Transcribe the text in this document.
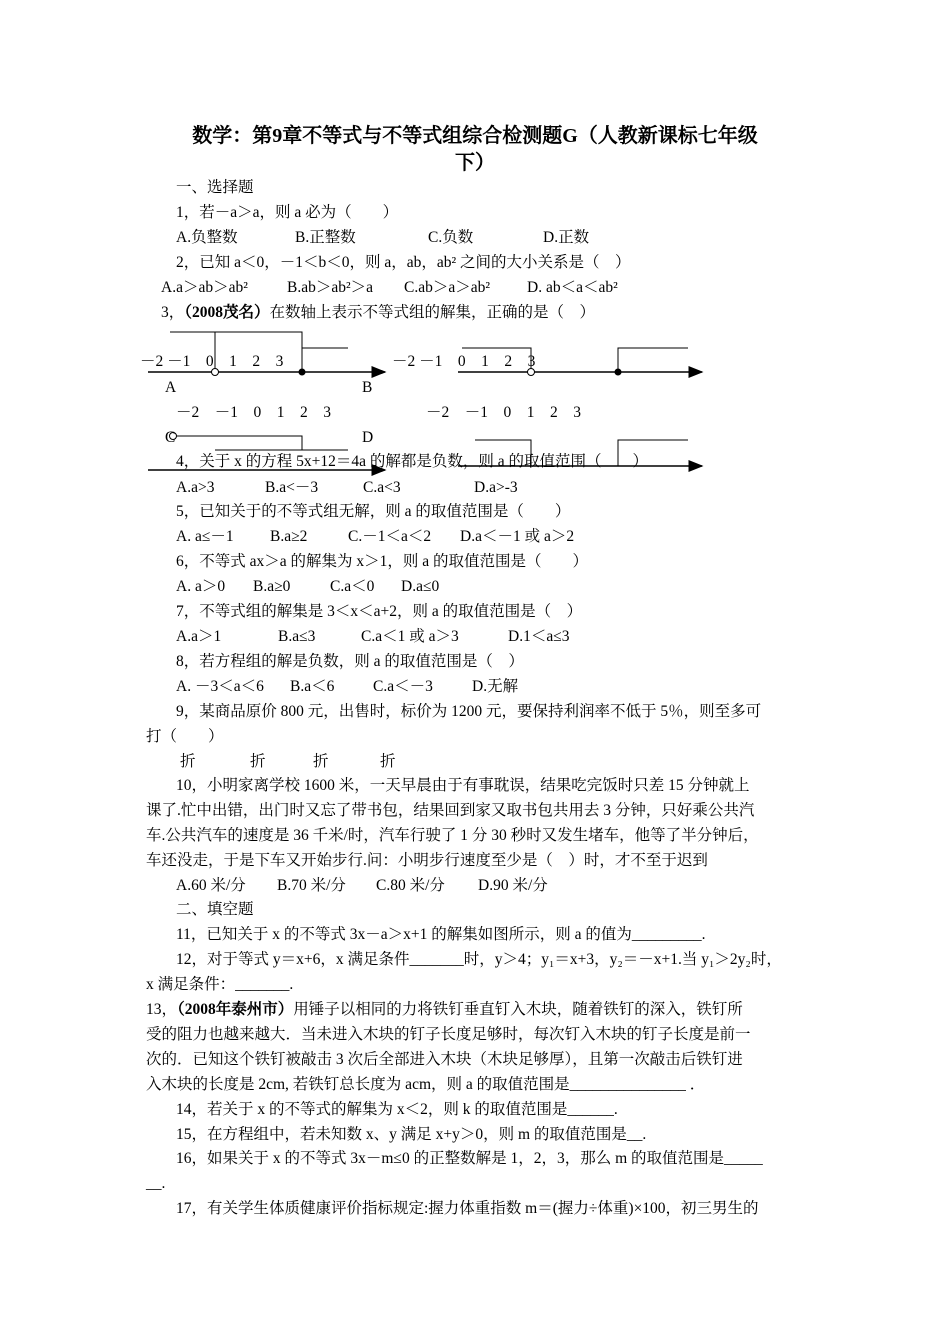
数学：第9章不等式与不等式组综合检测题G（人教新课标七年级
下）
一、选择题
1，若－a＞a，则 a 必为（　　）
A.负整数	B.正整数	C.负数	D.正数
2，已知 a＜0，－1＜b＜0，则 a，ab，ab² 之间的大小关系是（　）
A.a＞ab＞ab²	B.ab＞ab²＞a C.ab＞a＞ab² D. ab＜a＜ab²
3，（2008茂名）在数轴上表示不等式组的解集，正确的是（　）
－2 －1　0　1　2　3	－2 －1　0　1　2　3
A	B
－2　－1　0　1　2　3	－2　－1　0　1　2　3
C	D
4，关于 x 的方程 5x+12＝4a 的解都是负数，则 a 的取值范围（　　）
A.a>3	B.a<－3	C.a<3	D.a>-3
5，已知关于的不等式组无解，则 a 的取值范围是（　　）
A. a≤－1 B.a≥2	C.－1＜a＜2 D.a＜－1 或 a＞2
6，不等式 ax＞a 的解集为 x＞1，则 a 的取值范围是（　　）
A. a＞0 B.a≥0	C.a＜0 D.a≤0
7，不等式组的解集是 3＜x＜a+2，则 a 的取值范围是（　）
A.a＞1	B.a≤3	C.a＜1 或 a＞3	D.1＜a≤3
8，若方程组的解是负数，则 a 的取值范围是（　）
A. －3＜a＜6 B.a＜6 C.a＜－3	D.无解
9，某商品原价 800 元，出售时，标价为 1200 元，要保持利润率不低于 5％，则至多可
打（　　）
折	折	折	折
10，小明家离学校 1600 米，一天早晨由于有事耽误，结果吃完饭时只差 15 分钟就上
课了.忙中出错，出门时又忘了带书包，结果回到家又取书包共用去 3 分钟，只好乘公共汽
车.公共汽车的速度是 36 千米/时，汽车行驶了 1 分 30 秒时又发生堵车，他等了半分钟后，
车还没走，于是下车又开始步行.问：小明步行速度至少是（　）时，才不至于迟到
A.60 米/分 B.70 米/分 C.80 米/分 D.90 米/分
二、填空题
11，已知关于 x 的不等式 3x－a＞x+1 的解集如图所示，则 a 的值为_________.
12，对于等式 y＝x+6，x 满足条件_______时，y＞4；y₁＝x+3，y₂＝－x+1.当 y₁＞2y₂时，
x 满足条件：_______.
13，（2008年泰州市）用锤子以相同的力将铁钉垂直钉入木块，随着铁钉的深入，铁钉所
受的阻力也越来越大．当未进入木块的钉子长度足够时，每次钉入木块的钉子长度是前一
次的．已知这个铁钉被敲击 3 次后全部进入木块（木块足够厚），且第一次敲击后铁钉进
入木块的长度是 2cm, 若铁钉总长度为 acm，则 a 的取值范围是_______________ ．
14，若关于 x 的不等式的解集为 x＜2，则 k 的取值范围是______.
15，在方程组中，若未知数 x、y 满足 x+y＞0，则 m 的取值范围是__.
16，如果关于 x 的不等式 3x－m≤0 的正整数解是 1，2，3，那么 m 的取值范围是_____
__.
17，有关学生体质健康评价指标规定:握力体重指数 m＝(握力÷体重)×100，初三男生的
